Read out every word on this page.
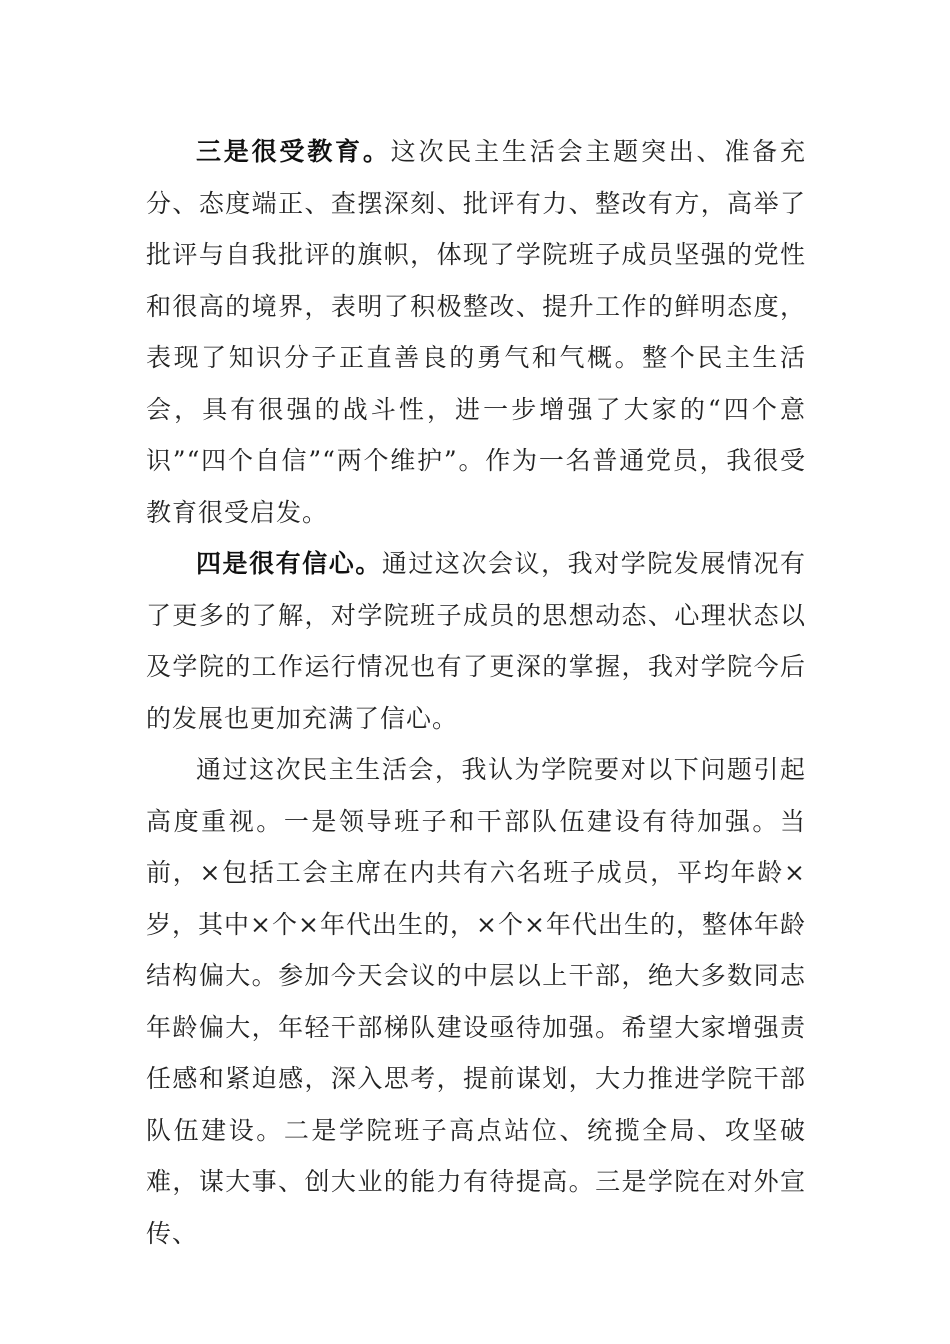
三是很受教育。这次民主生活会主题突出、准备充分、态度端正、查摆深刻、批评有力、整改有方，高举了批评与自我批评的旗帜，体现了学院班子成员坚强的党性和很高的境界，表明了积极整改、提升工作的鲜明态度，表现了知识分子正直善良的勇气和气概。整个民主生活会，具有很强的战斗性，进一步增强了大家的“四个意识”“四个自信”“两个维护”。作为一名普通党员，我很受教育很受启发。

四是很有信心。通过这次会议，我对学院发展情况有了更多的了解，对学院班子成员的思想动态、心理状态以及学院的工作运行情况也有了更深的掌握，我对学院今后的发展也更加充满了信心。

通过这次民主生活会，我认为学院要对以下问题引起高度重视。一是领导班子和干部队伍建设有待加强。当前，×包括工会主席在内共有六名班子成员，平均年龄×岁，其中×个×年代出生的，×个×年代出生的，整体年龄结构偏大。参加今天会议的中层以上干部，绝大多数同志年龄偏大，年轻干部梯队建设亟待加强。希望大家增强责任感和紧迫感，深入思考，提前谋划，大力推进学院干部队伍建设。二是学院班子高点站位、统揽全局、攻坚破难，谋大事、创大业的能力有待提高。三是学院在对外宣传、
